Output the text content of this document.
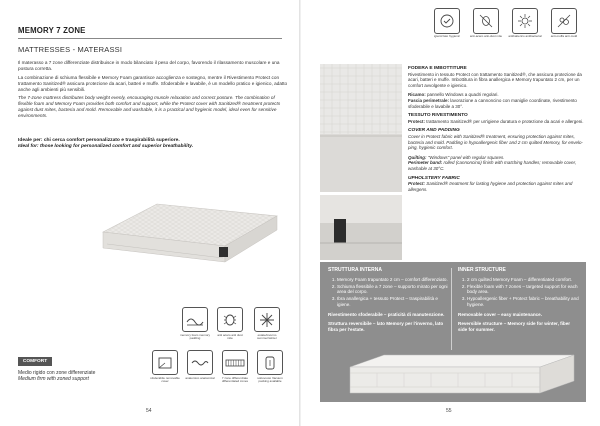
MEMORY 7 ZONE
MATTRESSES - MATERASSI

Il materasso a 7 zone differenziate distribuisce in modo bilanciato il peso del corpo, favorendo il rilassamento muscolare e una postura corretta.

La combinazione di schiuma flessibile e Memory Foam garantisce accoglienza e sostegno, mentre il Rivestimento Protect con trattamento Sanitized® assicura protezione da acari, batteri e muffe. Sfoderabile e lavabile, è un modello pratico e igienico, adatto anche agli ambienti più sensibili.

The 7-zone mattress distributes body weight evenly, encouraging muscle relaxation and correct posture. The combination of flexible foam and Memory Foam provides both comfort and support, while the Protect cover with Sanitized® treatment protects against dust mites, bacteria and mold. Removable and washable, it is a practical and hygienic model, ideal even for sensitive environments.

Ideale per: chi cerca comfort personalizzato e traspirabilità superiore.
Ideal for: those looking for personalized comfort and superior breathability.
memory foam memory padding
anti acaro anti dust mite
estate/inverno summer/winter
sfoderabile removable cover
anatomico anatomical	7 zone differenziate differentiated zones
sottovuoto Vacuum packing available
COMFORT
Medio rigido con zone differenziate
Medium firm with zoned support
54
igienizzato hygienic	anti-acaro anti-dust mite	antibatterico antibacterial	anti-muffa anti-mold
FODERA E IMBOTTITURE
Rivestimento in tessuto Protect con trattamento Sanitized®, che assicura protezione da acari, batteri e muffe. Imbottitura in fibra anallergica e Memory trapuntato 2 cm, per un comfort avvolgente e igienico.
Ricamo: pannello Windows a quadri regolari.
Fascia perimetrale: lavorazione a cannoncino con maniglie coordinate, rivestimento sfoderabile e lavabile a 30°.
TESSUTO RIVESTIMENTO
Protect: trattamento Sanitized® per un'igiene duratura e protezione da acari e allergeni.
COVER AND PADDING
Cover in Protect fabric with Sanitized® treatment, ensuring protection against mites, bacteria and mold. Padding in hypoallergenic fiber and 2 cm quilted Memory, for envelo-ping, hygienic comfort.
Quilting: "Windows" panel with regular squares.
Perimeter band: rolled (cannoncino) finish with matching handles; removable cover, washable at 30°C.
UPHOLSTERY FABRIC
Protect: Sanitized® treatment for lasting hygiene and protection against mites and allergens.
STRUTTURA INTERNA
1. Memory Foam trapuntato 2 cm – comfort differenziato.
2. Schiuma flessibile a 7 zone – supporto mirato per ogni area del corpo.
3. Ibra anallergica + tessuto Protect – traspirabilità e igiene.
Rivestimento sfoderabile – praticità di manutenzione.
Struttura reversibile – lato Memory per l'inverno, lato fibra per l'estate.
INNER STRUCTURE
1. 2 cm quilted Memory Foam – differentiated comfort.
2. Flexible foam with 7 zones – targeted support for each body area.
3. Hypoallergenic fiber + Protect fabric – breathability and hygiene.
Removable cover – easy maintenance.
Reversible structure – Memory side for winter, fiber side for summer.
55
